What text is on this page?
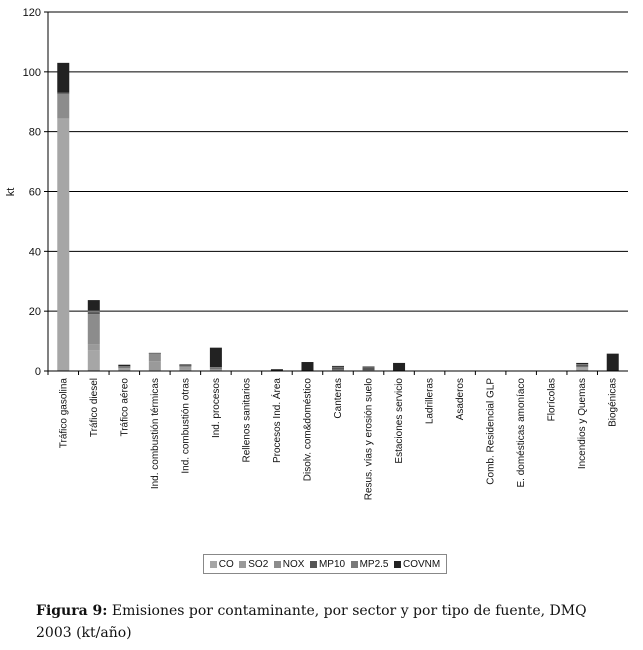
kt
0
20
40
60
80
100
120
Tráfico gasolina Tráfico diesel Tráfico aéreo Ind. combustión térmicas Ind. combustión otras Ind. procesos Rellenos sanitarios Procesos Ind. Área Disolv. com&doméstico Canteras Resus. vías y erosión suelo Estaciones servicio Ladrilleras Asaderos Comb. Residencial GLP E. domésticas amoníaco Florícolas Incendios y Quemas Biogénicas
CO SO2 NOX MP10 MP2.5 COVNM
Figura 9: Emisiones por contaminante, por sector y por tipo de fuente, DMQ 2003 (kt/año)
